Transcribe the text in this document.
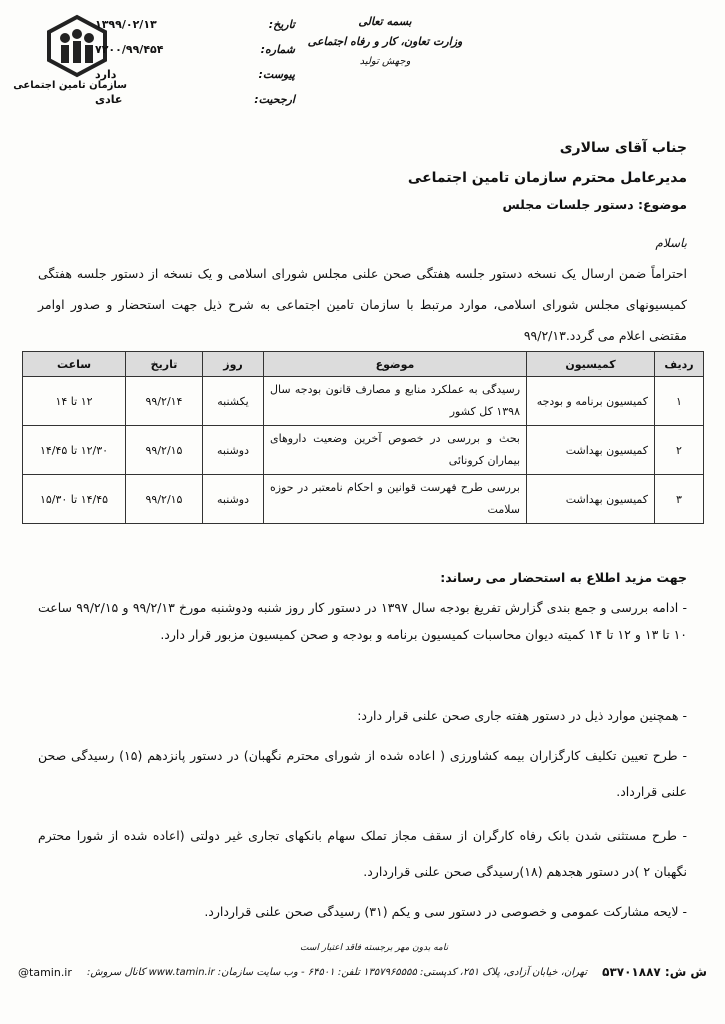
سازمان تامین اجتماعی
بسمه تعالی
وزارت تعاون، کار و رفاه اجتماعی
وجهش تولید
تاریخ:
۱۳۹۹/۰۲/۱۳
شماره:
۷۲۰۰/۹۹/۴۵۴
پیوست:
دارد
ارجحیت:
عادی
جناب آقای سالاری
مدیرعامل محترم سازمان تامین اجتماعی
موضوع: دستور جلسات مجلس
باسلام
احتراماً ضمن ارسال یک نسخه دستور جلسه هفتگی صحن علنی مجلس شورای اسلامی و یک نسخه از دستور جلسه هفتگی کمیسیونهای مجلس شورای اسلامی، موارد مرتبط با سازمان تامین اجتماعی به شرح ذیل جهت استحضار و صدور اوامر مقتضی اعلام می گردد.۹۹/۲/۱۳
ردیف	کمیسیون	موضوع	روز	تاریخ	ساعت
۱	کمیسیون برنامه و بودجه	رسیدگی به عملکرد منابع و مصارف قانون بودجه سال ۱۳۹۸ کل کشور	یکشنبه	۹۹/۲/۱۴	۱۲ تا ۱۴
۲	کمیسیون بهداشت	بحث و بررسی در خصوص آخرین وضعیت داروهای بیماران کرونائی	دوشنبه	۹۹/۲/۱۵	۱۲/۳۰ تا ۱۴/۴۵
۳	کمیسیون بهداشت	بررسی طرح فهرست قوانین و احکام نامعتبر در حوزه سلامت	دوشنبه	۹۹/۲/۱۵	۱۴/۴۵ تا ۱۵/۳۰
جهت مزید اطلاع به استحضار می رساند:
- ادامه بررسی و جمع بندی گزارش تفریغ بودجه سال ۱۳۹۷ در دستور کار روز شنبه ودوشنبه مورخ ۹۹/۲/۱۳ و ۹۹/۲/۱۵ ساعت ۱۰ تا ۱۳ و ۱۲ تا ۱۴ کمیته دیوان محاسبات کمیسیون برنامه و بودجه و صحن کمیسیون مزبور قرار دارد.
- همچنین موارد ذیل در دستور هفته جاری صحن علنی قرار دارد:
- طرح تعیین تکلیف کارگزاران بیمه کشاورزی ( اعاده شده از شورای محترم نگهبان) در دستور پانزدهم (۱۵) رسیدگی صحن علنی قرارداد.
- طرح مستثنی شدن بانک رفاه کارگران از سقف مجاز تملک سهام بانکهای تجاری غیر دولتی (اعاده شده از شورا محترم نگهبان ۲ )در دستور هجدهم (۱۸)رسیدگی صحن علنی قراردارد.
- لایحه مشارکت عمومی و خصوصی در دستور سی و یکم (۳۱) رسیدگی صحن علنی قراردارد.
نامه بدون مهر برجسته فاقد اعتبار است
ش ش: ۵۳۷۰۱۸۸۷
تهران، خیابان آزادی، پلاک ۲۵۱، کدپستی: ۱۳۵۷۹۶۵۵۵۵ تلفن: ۶۴۵۰۱ - وب سایت سازمان: www.tamin.ir کانال سروش:
@tamin.ir
